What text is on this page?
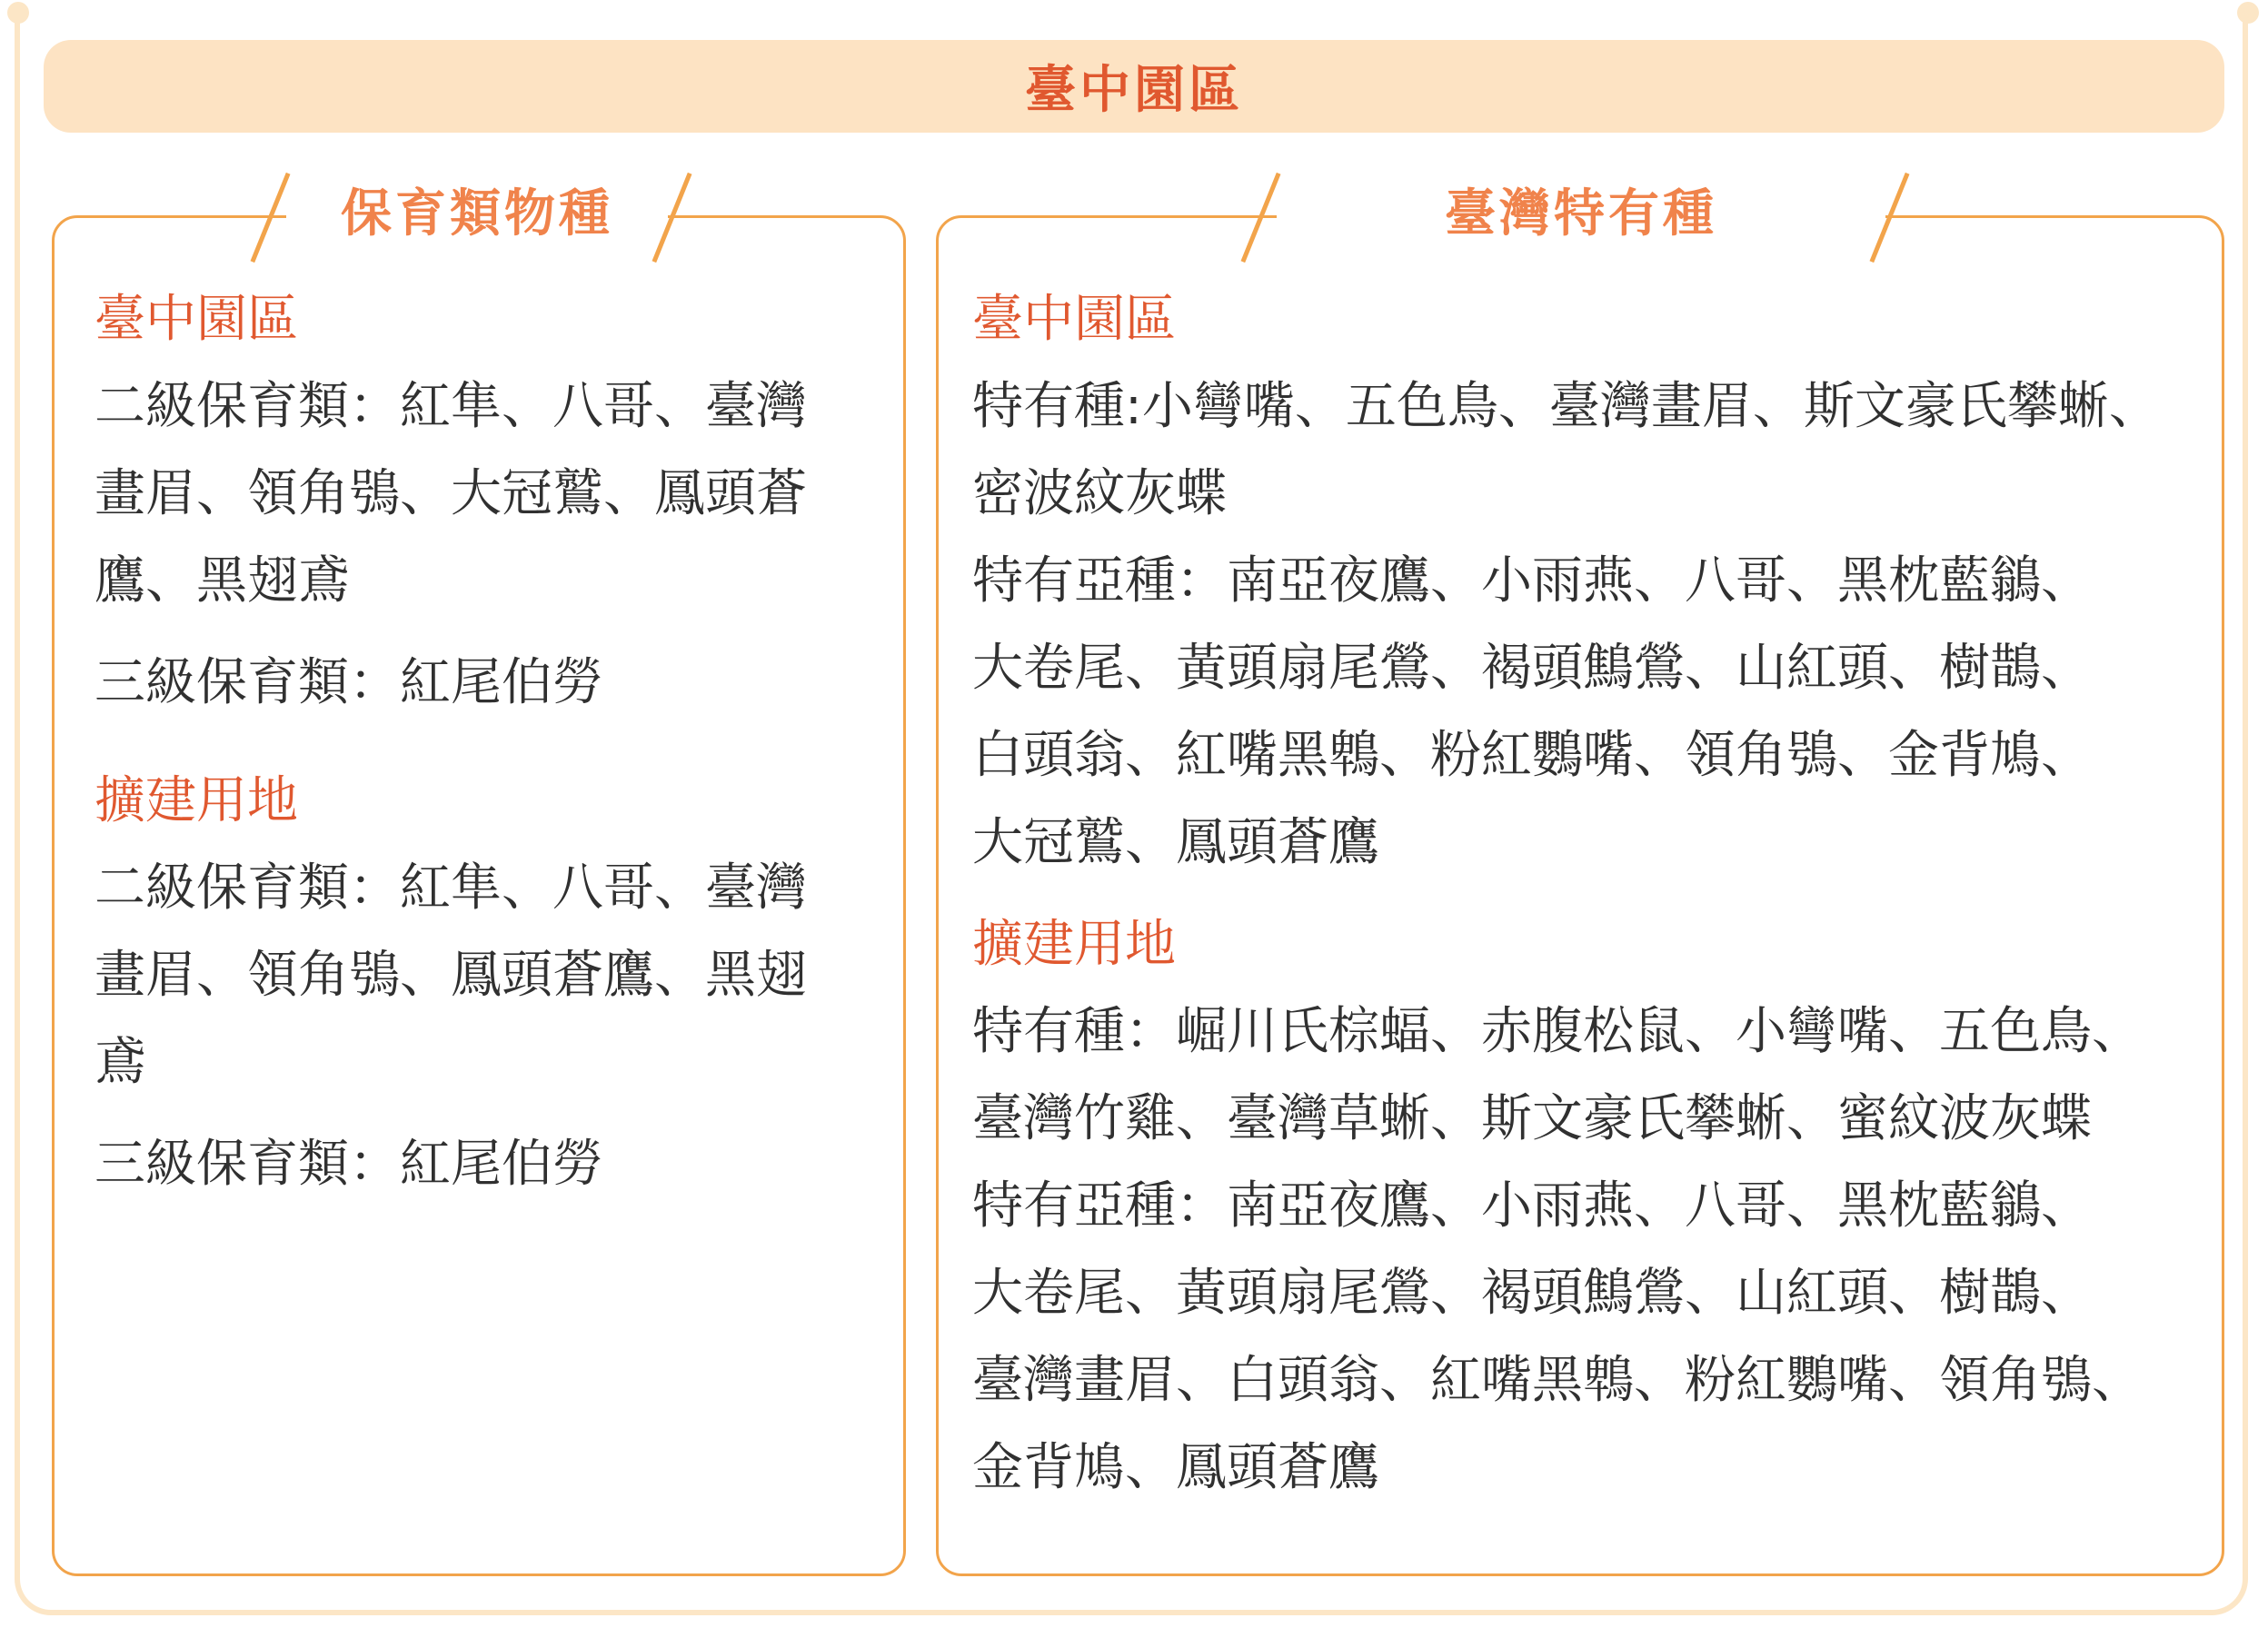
臺中園區
保育類物種
臺中園區
二級保育類：紅隼、八哥、臺灣
畫眉、領角鴞、大冠鷲、鳳頭蒼
鷹、黑翅鳶
三級保育類：紅尾伯勞
擴建用地
二級保育類：紅隼、八哥、臺灣
畫眉、領角鴞、鳳頭蒼鷹、黑翅
鳶
三級保育類：紅尾伯勞
臺灣特有種
臺中園區
特有種:小彎嘴、五色鳥、臺灣畫眉、斯文豪氏攀蜥、
密波紋灰蝶
特有亞種：南亞夜鷹、小雨燕、八哥、黑枕藍鶲、
大卷尾、黃頭扇尾鶯、褐頭鷦鶯、山紅頭、樹鵲、
白頭翁、紅嘴黑鵯、粉紅鸚嘴、領角鴞、金背鳩、
大冠鷲、鳳頭蒼鷹
擴建用地
特有種：崛川氏棕蝠、赤腹松鼠、小彎嘴、五色鳥、
臺灣竹雞、臺灣草蜥、斯文豪氏攀蜥、蜜紋波灰蝶
特有亞種：南亞夜鷹、小雨燕、八哥、黑枕藍鶲、
大卷尾、黃頭扇尾鶯、褐頭鷦鶯、山紅頭、樹鵲、
臺灣畫眉、白頭翁、紅嘴黑鵯、粉紅鸚嘴、領角鴞、
金背鳩、鳳頭蒼鷹
